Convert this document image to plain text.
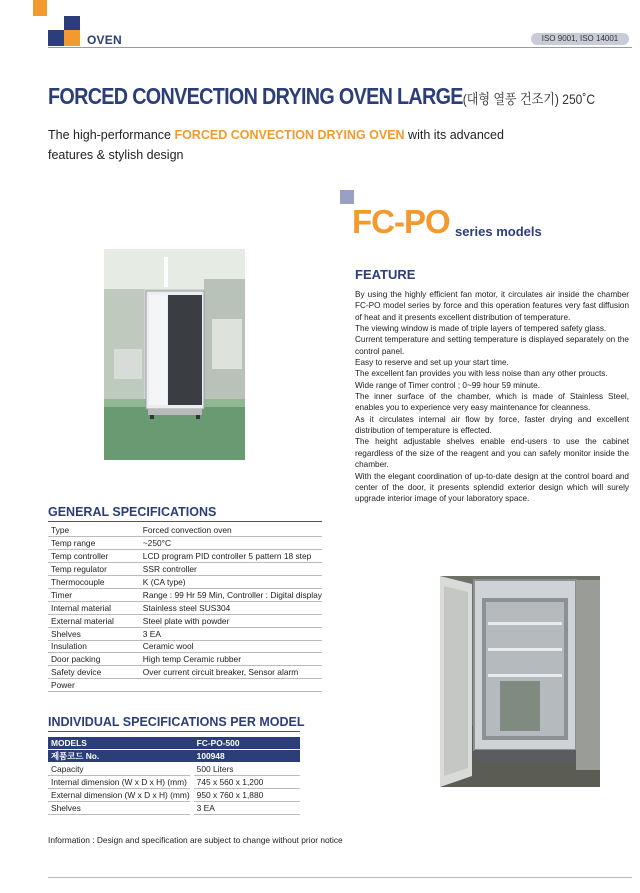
OVEN	ISO 9001, ISO 14001
FORCED CONVECTION DRYING OVEN LARGE(대형 열풍 건조기) 250˚C
The high-performance FORCED CONVECTION DRYING OVEN with its advanced features & stylish design
FC-PO series models
FEATURE

By using the highly efficient fan motor, it circulates air inside the chamber FC-PO model series by force and this operation features very fast diffusion of heat and it presents excellent distribution of temperature.

The viewing window is made of triple layers of tempered safety glass.

Current temperature and setting temperature is displayed separately on the control panel.

Easy to reserve and set up your start time.

The excellent fan provides you with less noise than any other proucts.

Wide range of Timer control ; 0~99 hour 59 minute.

The inner surface of the chamber, which is made of Stainless Steel, enables you to experience very easy maintenance for cleanness.

As it circulates internal air flow by force, faster drying and excellent distribution of temperature is effected.

The height adjustable shelves enable end-users to use the cabinet regardless of the size of the reagent and you can safely monitor inside the chamber.

With the elegant coordination of up-to-date design at the control board and center of the door, it presents splendid exterior design which will surely upgrade interior image of your laboratory space.

GENERAL SPECIFICATIONS
Type	Forced convection oven
Temp range	~250°C
Temp controller	LCD program PID controller 5 pattern 18 step
Temp regulator	SSR controller
Thermocouple	K (CA type)
Timer	Range : 99 Hr 59 Min, Controller : Digital display
Internal material	Stainless steel SUS304
External material	Steel plate with powder
Shelves	3 EA
Insulation	Ceramic wool
Door packing	High temp Ceramic rubber
Safety device	Over current circuit breaker, Sensor alarm
Power	
INDIVIDUAL SPECIFICATIONS PER MODEL
MODELS		FC-PO-500
제품코드 No.		100948
Capacity		500 Liters
Internal dimension (W x D x H) (mm)		745 x 560 x 1,200
External dimension (W x D x H) (mm)		950 x 760 x 1,880
Shelves		3 EA
Information : Design and specification are subject to change without prior notice
